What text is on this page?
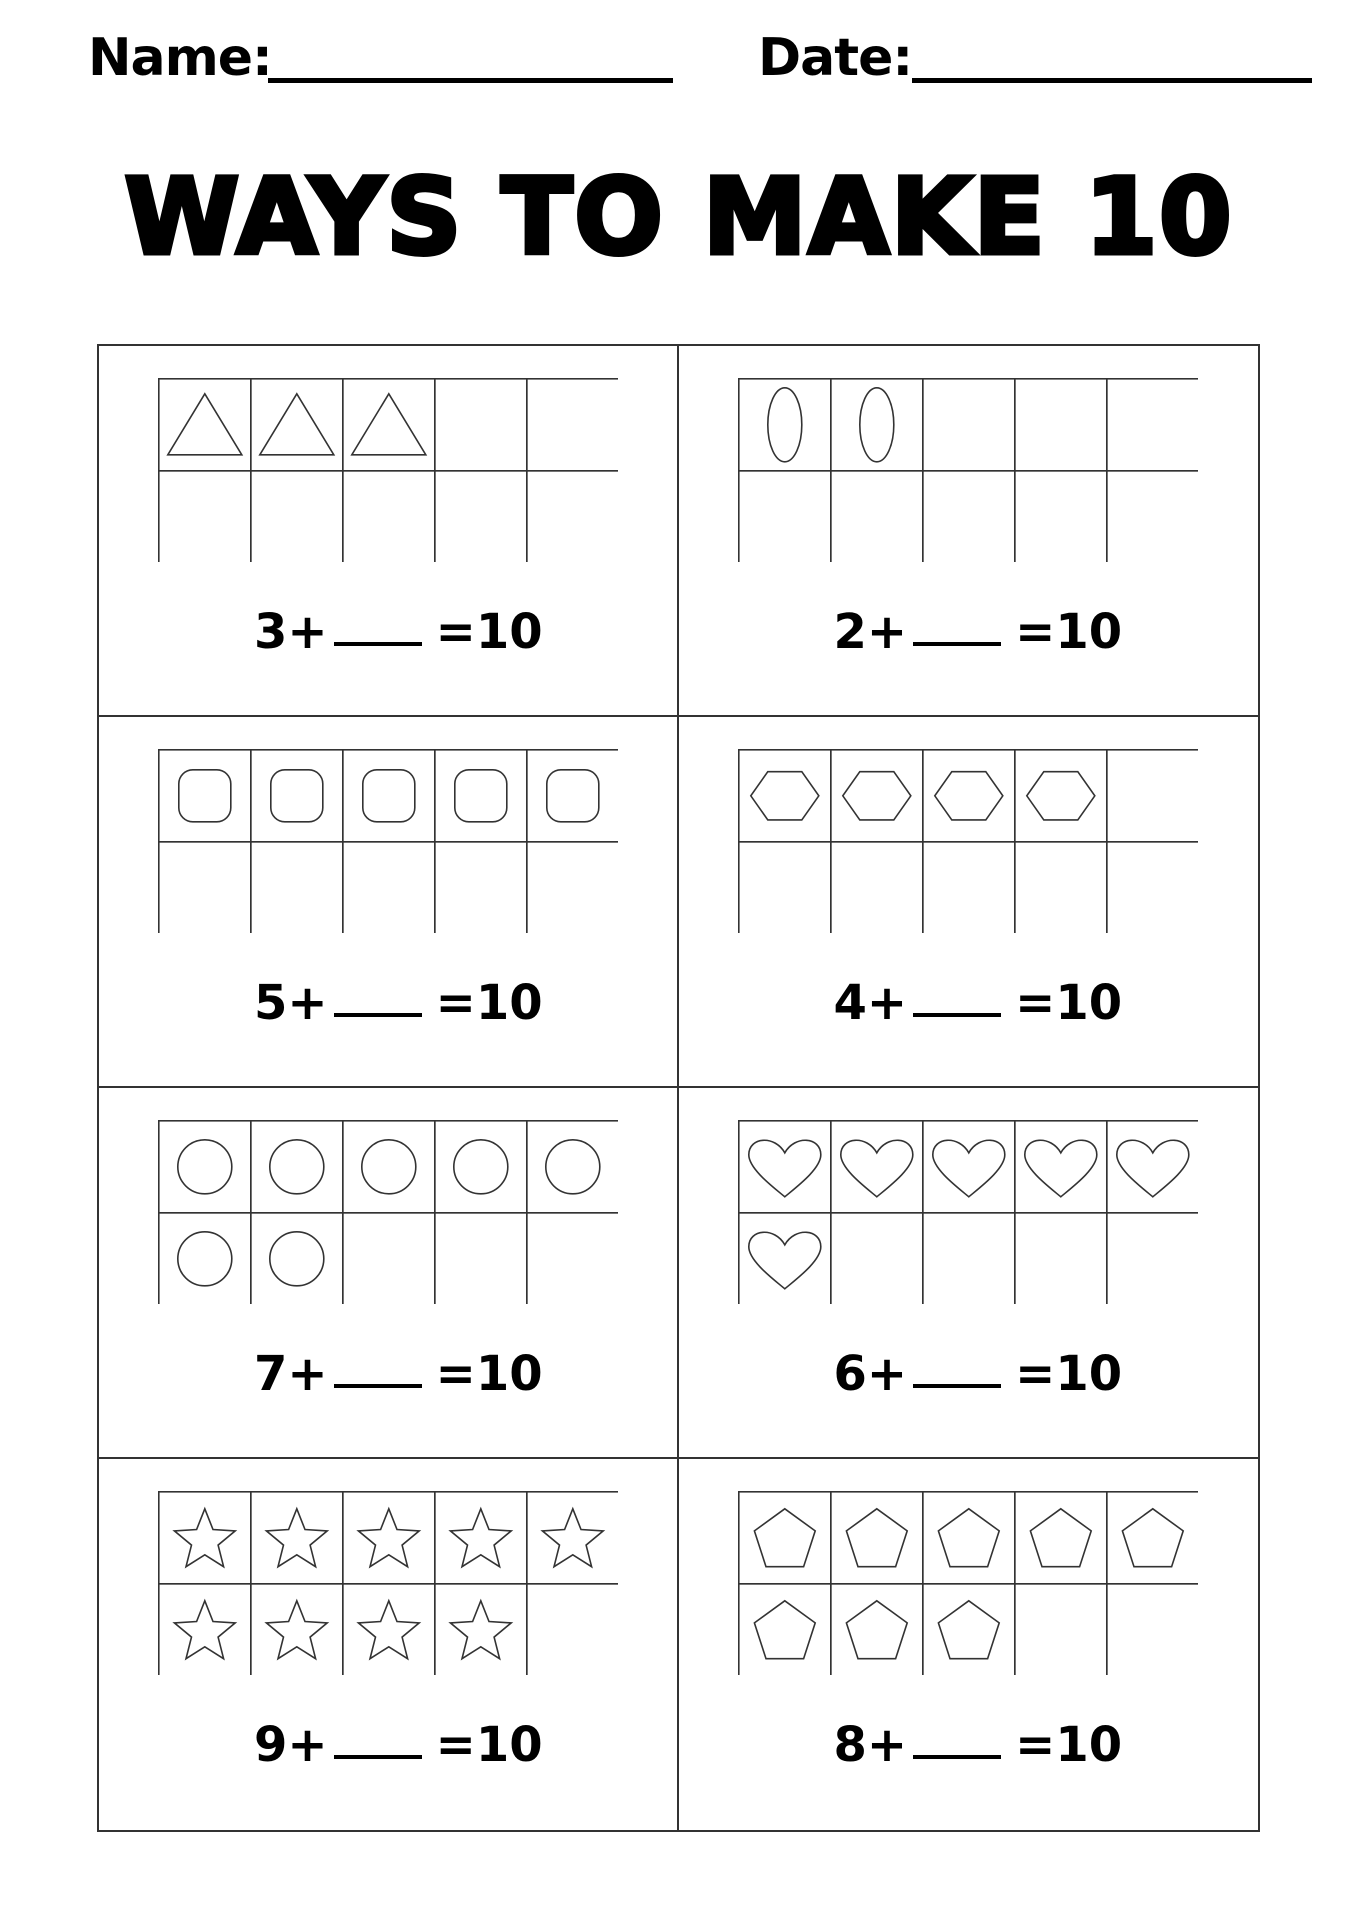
Name:	Date:
WAYS TO MAKE 10
3+ =10	2+ =10
5+ =10	4+ =10
7+ =10	6+ =10
9+ =10	8+ =10
